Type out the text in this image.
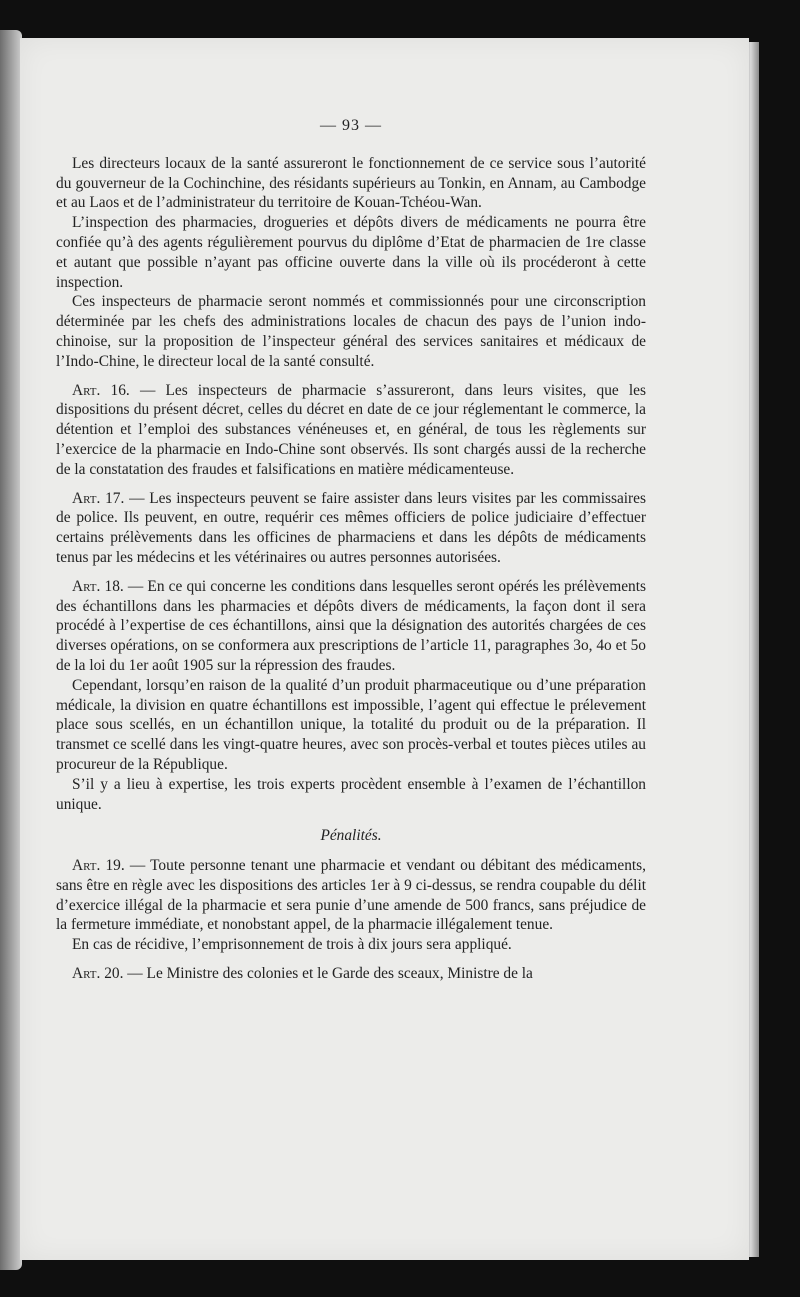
— 93 —

Les directeurs locaux de la santé assureront le fonctionnement de ce service sous l’autorité du gouverneur de la Cochinchine, des résidants supérieurs au Tonkin, en Annam, au Cambodge et au Laos et de l’administrateur du territoire de Kouan-Tchéou-Wan.

L’inspection des pharmacies, drogueries et dépôts divers de médicaments ne pourra être confiée qu’à des agents régulièrement pourvus du diplôme d’Etat de pharmacien de 1re classe et autant que possible n’ayant pas officine ouverte dans la ville où ils procéderont à cette inspection.

Ces inspecteurs de pharmacie seront nommés et commissionnés pour une circonscription déterminée par les chefs des administrations locales de chacun des pays de l’union indo-chinoise, sur la proposition de l’inspecteur général des services sanitaires et médicaux de l’Indo-Chine, le directeur local de la santé consulté.

Art. 16. — Les inspecteurs de pharmacie s’assureront, dans leurs visites, que les dispositions du présent décret, celles du décret en date de ce jour réglementant le commerce, la détention et l’emploi des substances vénéneuses et, en général, de tous les règlements sur l’exercice de la pharmacie en Indo-Chine sont observés. Ils sont chargés aussi de la recherche de la constatation des fraudes et falsifications en matière médicamenteuse.

Art. 17. — Les inspecteurs peuvent se faire assister dans leurs visites par les commissaires de police. Ils peuvent, en outre, requérir ces mêmes officiers de police judiciaire d’effectuer certains prélèvements dans les officines de pharmaciens et dans les dépôts de médicaments tenus par les médecins et les vétérinaires ou autres personnes autorisées.

Art. 18. — En ce qui concerne les conditions dans lesquelles seront opérés les prélèvements des échantillons dans les pharmacies et dépôts divers de médicaments, la façon dont il sera procédé à l’expertise de ces échantillons, ainsi que la désignation des autorités chargées de ces diverses opérations, on se conformera aux prescriptions de l’article 11, paragraphes 3o, 4o et 5o de la loi du 1er août 1905 sur la répression des fraudes.

Cependant, lorsqu’en raison de la qualité d’un produit pharmaceutique ou d’une préparation médicale, la division en quatre échantillons est impossible, l’agent qui effectue le prélevement place sous scellés, en un échantillon unique, la totalité du produit ou de la préparation. Il transmet ce scellé dans les vingt-quatre heures, avec son procès-verbal et toutes pièces utiles au procureur de la République.

S’il y a lieu à expertise, les trois experts procèdent ensemble à l’examen de l’échantillon unique.

Pénalités.

Art. 19. — Toute personne tenant une pharmacie et vendant ou débitant des médicaments, sans être en règle avec les dispositions des articles 1er à 9 ci-dessus, se rendra coupable du délit d’exercice illégal de la pharmacie et sera punie d’une amende de 500 francs, sans préjudice de la fermeture immédiate, et nonobstant appel, de la pharmacie illégalement tenue.

En cas de récidive, l’emprisonnement de trois à dix jours sera appliqué.

Art. 20. — Le Ministre des colonies et le Garde des sceaux, Ministre de la
